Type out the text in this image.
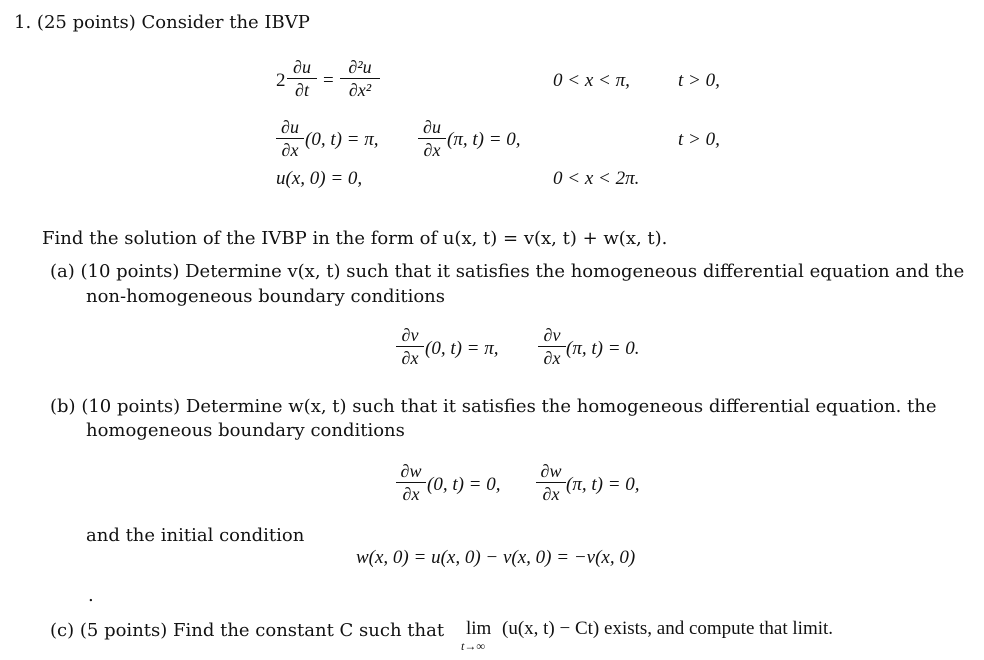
1. (25 points) Consider the IBVP
2
∂u
∂t =
∂²u
∂x²	0 < x < π,	t > 0,
∂u
∂x (0, t) = π,
∂u
∂x (π, t) = 0,	t > 0,
u(x, 0) = 0,	0 < x < 2π.
Find the solution of the IVBP in the form of u(x, t) = v(x, t) + w(x, t).
(a) (10 points) Determine v(x, t) such that it satisfies the homogeneous differential equation and the
non-homogeneous boundary conditions
∂v
∂x (0, t) = π,
∂v
∂x (π, t) = 0.
(b) (10 points) Determine w(x, t) such that it satisfies the homogeneous differential equation. the
homogeneous boundary conditions
∂w
∂x (0, t) = 0,
∂w
∂x (π, t) = 0,
and the initial condition
w(x, 0) = u(x, 0) − v(x, 0) = −v(x, 0)
.
(c) (5 points) Find the constant C such that lim
t→∞
(u(x, t) − Ct) exists, and compute that limit.
